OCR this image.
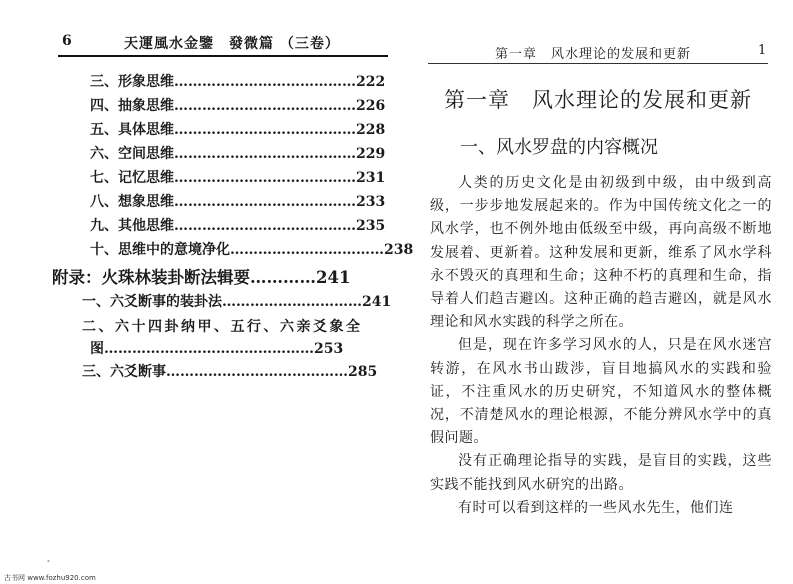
6	天運風水金鑒　發微篇 （三卷）
三、形象思维…………………………………222
四、抽象思维…………………………………226
五、具体思维…………………………………228
六、空间思维…………………………………229
七、记忆思维…………………………………231
八、想象思维…………………………………233
九、其他思维…………………………………235
十、思维中的意境净化……………………………238
附录：火珠林装卦断法辑要…………241
一、六爻断事的装卦法…………………………241
二、六十四卦纳甲、五行、六亲爻象全
图………………………………………253
三、六爻断事…………………………………285
°
古书网 www.fozhu920.com
第一章　风水理论的发展和更新	1
第一章　风水理论的发展和更新
一、风水罗盘的内容概况

人类的历史文化是由初级到中级，由中级到高级，一步步地发展起来的。作为中国传统文化之一的风水学，也不例外地由低级至中级，再向高级不断地发展着、更新着。这种发展和更新，维系了风水学科永不毁灭的真理和生命；这种不朽的真理和生命，指导着人们趋吉避凶。这种正确的趋吉避凶，就是风水理论和风水实践的科学之所在。

但是，现在许多学习风水的人，只是在风水迷宫转游，在风水书山跋涉，盲目地搞风水的实践和验证，不注重风水的历史研究，不知道风水的整体概况，不清楚风水的理论根源，不能分辨风水学中的真假问题。

没有正确理论指导的实践，是盲目的实践，这些实践不能找到风水研究的出路。

有时可以看到这样的一些风水先生，他们连
